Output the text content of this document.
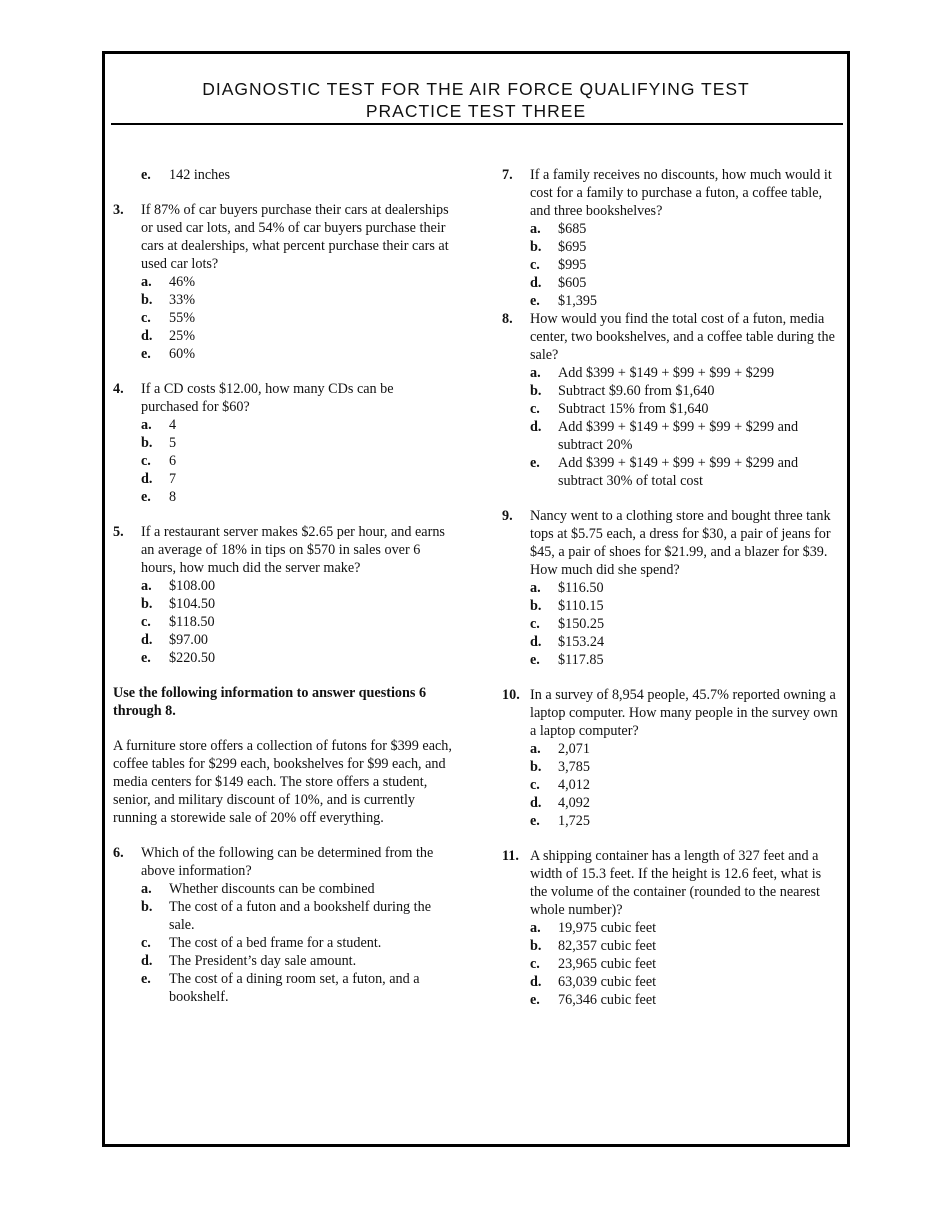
DIAGNOSTIC TEST FOR THE AIR FORCE QUALIFYING TEST
PRACTICE TEST THREE
e. 142 inches
3. If 87% of car buyers purchase their cars at dealerships or used car lots, and 54% of car buyers purchase their cars at dealerships, what percent purchase their cars at used car lots?
a. 46%
b. 33%
c. 55%
d. 25%
e. 60%
4. If a CD costs $12.00, how many CDs can be purchased for $60?
a. 4
b. 5
c. 6
d. 7
e. 8
5. If a restaurant server makes $2.65 per hour, and earns an average of 18% in tips on $570 in sales over 6 hours, how much did the server make?
a. $108.00
b. $104.50
c. $118.50
d. $97.00
e. $220.50
Use the following information to answer questions 6 through 8.
A furniture store offers a collection of futons for $399 each, coffee tables for $299 each, bookshelves for $99 each, and media centers for $149 each. The store offers a student, senior, and military discount of 10%, and is currently running a storewide sale of 20% off everything.
6. Which of the following can be determined from the above information?
a. Whether discounts can be combined
b. The cost of a futon and a bookshelf during the sale.
c. The cost of a bed frame for a student.
d. The President’s day sale amount.
e. The cost of a dining room set, a futon, and a bookshelf.
7. If a family receives no discounts, how much would it cost for a family to purchase a futon, a coffee table, and three bookshelves?
a. $685
b. $695
c. $995
d. $605
e. $1,395
8. How would you find the total cost of a futon, media center, two bookshelves, and a coffee table during the sale?
a. Add $399 + $149 + $99 + $99 + $299
b. Subtract $9.60 from $1,640
c. Subtract 15% from $1,640
d. Add $399 + $149 + $99 + $99 + $299 and subtract 20%
e. Add $399 + $149 + $99 + $99 + $299 and subtract 30% of total cost
9. Nancy went to a clothing store and bought three tank tops at $5.75 each, a dress for $30, a pair of jeans for $45, a pair of shoes for $21.99, and a blazer for $39. How much did she spend?
a. $116.50
b. $110.15
c. $150.25
d. $153.24
e. $117.85
10. In a survey of 8,954 people, 45.7% reported owning a laptop computer. How many people in the survey own a laptop computer?
a. 2,071
b. 3,785
c. 4,012
d. 4,092
e. 1,725
11. A shipping container has a length of 327 feet and a width of 15.3 feet. If the height is 12.6 feet, what is the volume of the container (rounded to the nearest whole number)?
a. 19,975 cubic feet
b. 82,357 cubic feet
c. 23,965 cubic feet
d. 63,039 cubic feet
e. 76,346 cubic feet
